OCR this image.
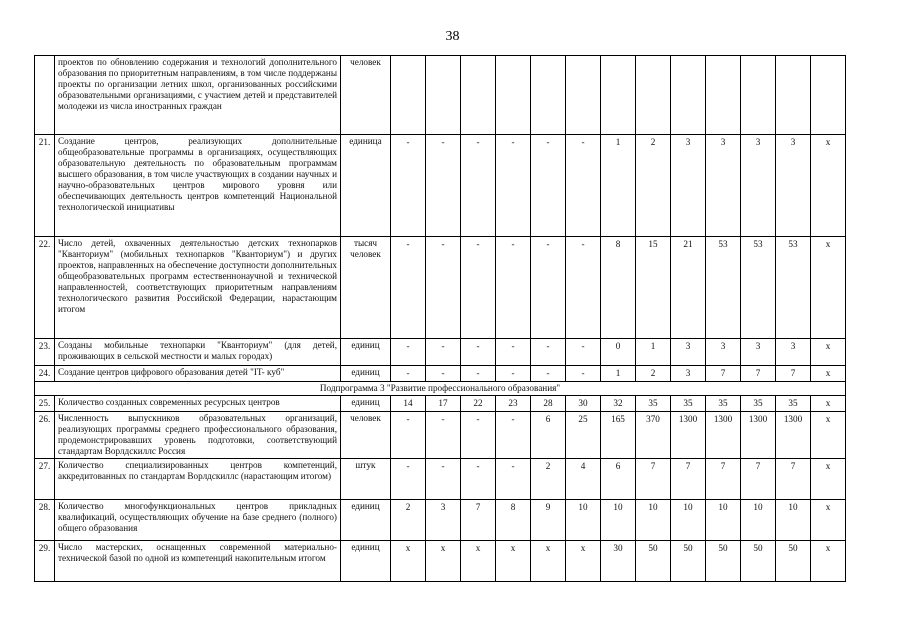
38
	проектов по обновлению содержания и технологий дополнительного образования по приоритетным направлениям, в том числе поддержаны проекты по организации летних школ, организованных российскими образовательными организациями, с участием детей и представителей молодежи из числа иностранных граждан	человек													
21.	Создание центров, реализующих дополнительные общеобразовательные программы в организациях, осуществляющих образовательную деятельность по образовательным программам высшего образования, в том числе участвующих в создании научных и научно-образовательных центров мирового уровня или обеспечивающих деятельность центров компетенций Национальной технологической инициативы	единица	-	-	-	-	-	-	1	2	3	3	3	3	х
22.	Число детей, охваченных деятельностью детских технопарков "Кванториум" (мобильных технопарков "Кванториум") и других проектов, направленных на обеспечение доступности дополнительных общеобразовательных программ естественнонаучной и технической направленностей, соответствующих приоритетным направлениям технологического развития Российской Федерации, нарастающим итогом	тысяч человек	-	-	-	-	-	-	8	15	21	53	53	53	х
23.	Созданы мобильные технопарки "Кванториум" (для детей, проживающих в сельской местности и малых городах)	единиц	-	-	-	-	-	-	0	1	3	3	3	3	х
24.	Создание центров цифрового образования детей "IT- куб"	единиц	-	-	-	-	-	-	1	2	3	7	7	7	х
Подпрограмма 3 "Развитие профессионального образования"															
25.	Количество созданных современных ресурсных центров	единиц	14	17	22	23	28	30	32	35	35	35	35	35	х
26.	Численность выпускников образовательных организаций, реализующих программы среднего профессионального образования, продемонстрировавших уровень подготовки, соответствующий стандартам Ворлдскиллс Россия	человек	-	-	-	-	6	25	165	370	1300	1300	1300	1300	х
27.	Количество специализированных центров компетенций, аккредитованных по стандартам Ворлдскиллс (нарастающим итогом)	штук	-	-	-	-	2	4	6	7	7	7	7	7	х
28.	Количество многофункциональных центров прикладных квалификаций, осуществляющих обучение на базе среднего (полного) общего образования	единиц	2	3	7	8	9	10	10	10	10	10	10	10	х
29.	Число мастерских, оснащенных современной материально-технической базой по одной из компетенций накопительным итогом	единиц	х	х	х	х	х	х	30	50	50	50	50	50	х
